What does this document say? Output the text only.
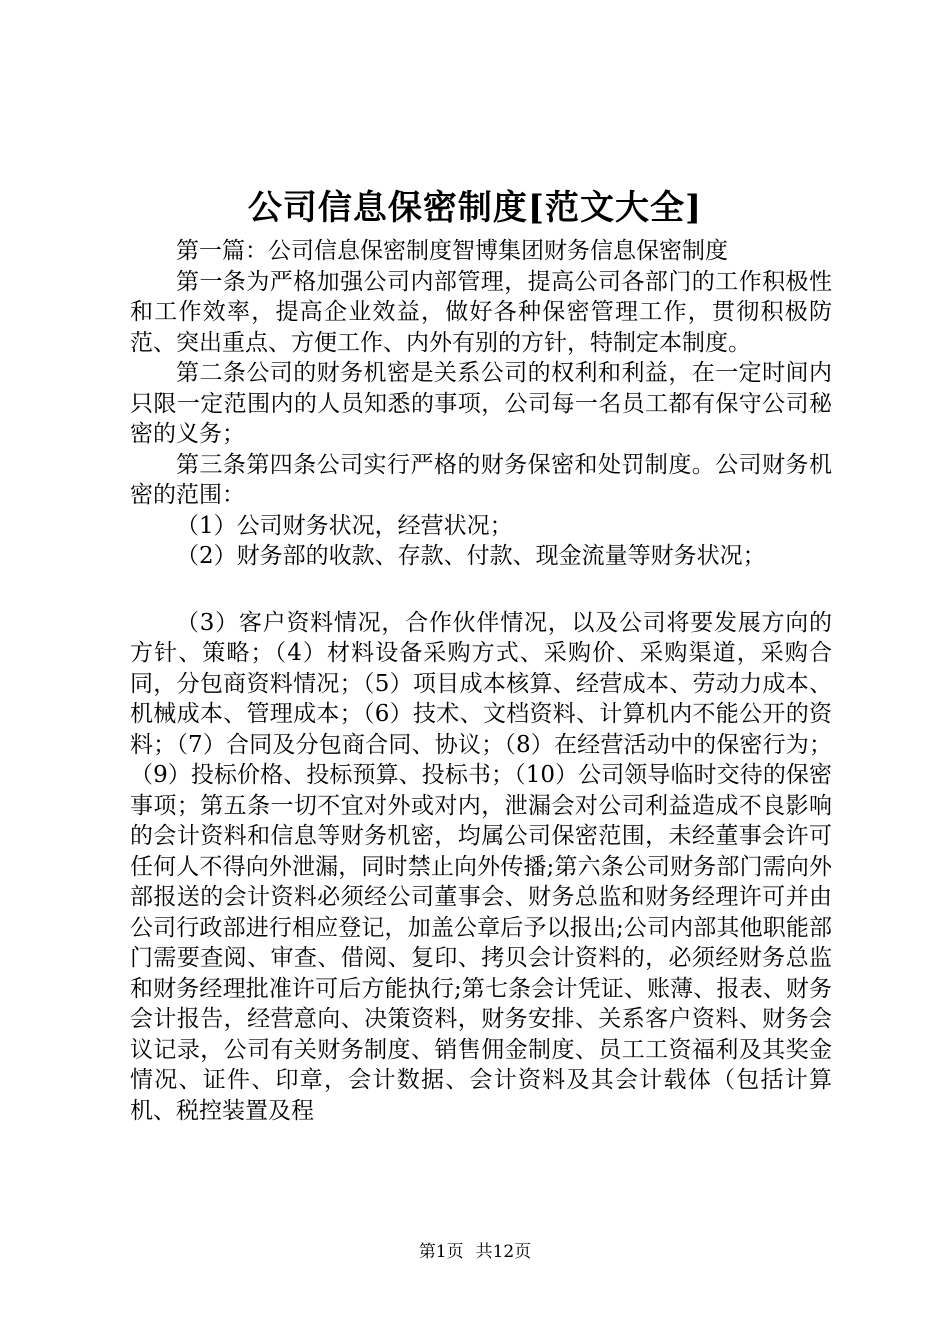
公司信息保密制度[范文大全]

第一篇：公司信息保密制度智博集团财务信息保密制度

第一条为严格加强公司内部管理，提高公司各部门的工作积极性和工作效率，提高企业效益，做好各种保密管理工作，贯彻积极防范、突出重点、方便工作、内外有别的方针，特制定本制度。

第二条公司的财务机密是关系公司的权利和利益，在一定时间内只限一定范围内的人员知悉的事项，公司每一名员工都有保守公司秘密的义务；

第三条第四条公司实行严格的财务保密和处罚制度。公司财务机密的范围：

（1）公司财务状况，经营状况；

（2）财务部的收款、存款、付款、现金流量等财务状况；

（3）客户资料情况，合作伙伴情况，以及公司将要发展方向的方针、策略；（4）材料设备采购方式、采购价、采购渠道，采购合同，分包商资料情况；（5）项目成本核算、经营成本、劳动力成本、机械成本、管理成本；（6）技术、文档资料、计算机内不能公开的资料；（7）合同及分包商合同、协议；（8）在经营活动中的保密行为；（9）投标价格、投标预算、投标书；（10）公司领导临时交待的保密事项；第五条一切不宜对外或对内，泄漏会对公司利益造成不良影响的会计资料和信息等财务机密，均属公司保密范围，未经董事会许可任何人不得向外泄漏，同时禁止向外传播;第六条公司财务部门需向外部报送的会计资料必须经公司董事会、财务总监和财务经理许可并由公司行政部进行相应登记，加盖公章后予以报出;公司内部其他职能部门需要查阅、审查、借阅、复印、拷贝会计资料的，必须经财务总监和财务经理批准许可后方能执行;第七条会计凭证、账薄、报表、财务会计报告，经营意向、决策资料，财务安排、关系客户资料、财务会议记录，公司有关财务制度、销售佣金制度、员工工资福利及其奖金情况、证件、印章，会计数据、会计资料及其会计载体（包括计算机、税控装置及程

第1页 共12页
